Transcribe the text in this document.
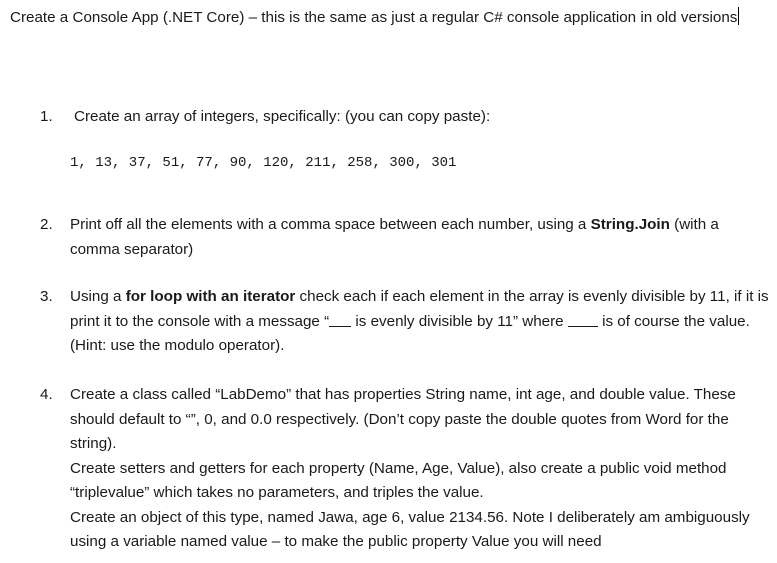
Create a Console App (.NET Core) – this is the same as just a regular C# console application in old versions
1.	Create an array of integers, specifically: (you can copy paste):
1, 13, 37, 51, 77, 90, 120, 211, 258, 300, 301
2.	Print off all the elements with a comma space between each number, using a String.Join (with a comma separator)
3.	Using a for loop with an iterator check each if each element in the array is evenly divisible by 11, if it is print it to the console with a message “ is evenly divisible by 11” where  is of course the value. (Hint: use the modulo operator).
4.	Create a class called “LabDemo” that has properties String name, int age, and double value. These should default to “”, 0, and 0.0 respectively. (Don’t copy paste the double quotes from Word for the string).
Create setters and getters for each property (Name, Age, Value), also create a public void method “triplevalue” which takes no parameters, and triples the value.
Create an object of this type, named Jawa, age 6, value 2134.56. Note I deliberately am ambiguously using a variable named value – to make the public property Value you will need
